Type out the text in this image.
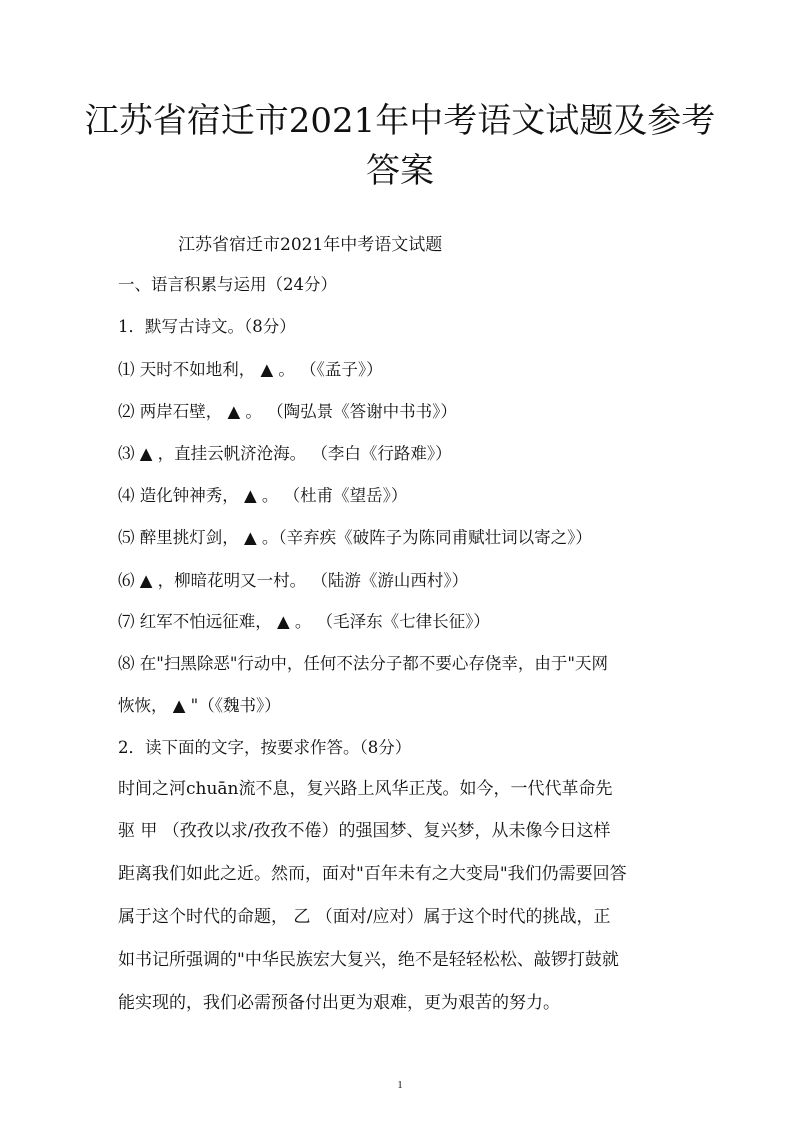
江苏省宿迁市2021年中考语文试题及参考
答案
江苏省宿迁市2021年中考语文试题
一、语言积累与运用（24分）
1．默写古诗文。（8分）
⑴ 天时不如地利， ▲ 。 （《孟子》）
⑵ 两岸石壁， ▲ 。 （陶弘景《答谢中书书》）
⑶ ▲ ，直挂云帆济沧海。 （李白《行路难》）
⑷ 造化钟神秀， ▲ 。 （杜甫《望岳》）
⑸ 醉里挑灯剑， ▲ 。（辛弃疾《破阵子为陈同甫赋壮词以寄之》）
⑹ ▲ ，柳暗花明又一村。 （陆游《游山西村》）
⑺ 红军不怕远征难， ▲ 。 （毛泽东《七律长征》）
⑻ 在"扫黑除恶"行动中，任何不法分子都不要心存侥幸，由于"天网
恢恢， ▲ "（《魏书》）
2．读下面的文字，按要求作答。（8分）
时间之河chuān流不息，复兴路上风华正茂。如今，一代代革命先
驱 甲 （孜孜以求/孜孜不倦）的强国梦、复兴梦，从未像今日这样
距离我们如此之近。然而，面对"百年未有之大变局"我们仍需要回答
属于这个时代的命题， 乙 （面对/应对）属于这个时代的挑战，正
如书记所强调的"中华民族宏大复兴，绝不是轻轻松松、敲锣打鼓就
能实现的，我们必需预备付出更为艰难，更为艰苦的努力。
1
